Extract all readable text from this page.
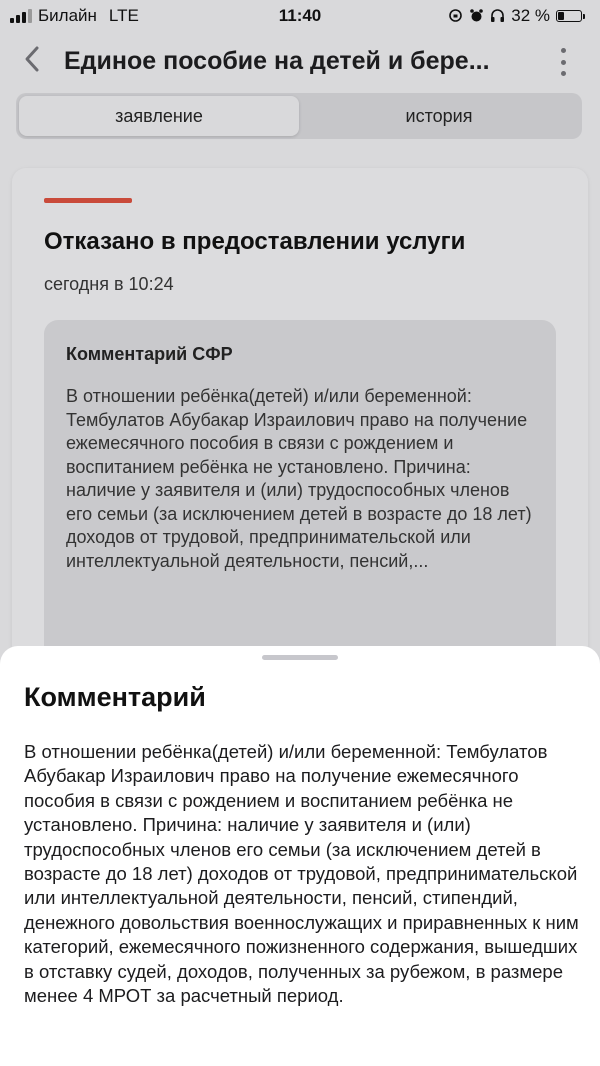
Билайн LTE	11:40	32 %
Единое пособие на детей и бере...
заявление	история
Отказано в предоставлении услуги
сегодня в 10:24
Комментарий СФР
В отношении ребёнка(детей) и/или беременной: Тембулатов Абубакар Израилович право на получение ежемесячного пособия в связи с рождением и воспитанием ребёнка не установлено. Причина: наличие у заявителя и (или) трудоспособных членов его семьи (за исключением детей в возрасте до 18 лет) доходов от трудовой, предпринимательской или интеллектуальной деятельности, пенсий,...
Комментарий
В отношении ребёнка(детей) и/или беременной: Тембулатов Абубакар Израилович право на получение ежемесячного пособия в связи с рождением и воспитанием ребёнка не установлено. Причина: наличие у заявителя и (или) трудоспособных членов его семьи (за исключением детей в возрасте до 18 лет) доходов от трудовой, предпринимательской или интеллектуальной деятельности, пенсий, стипендий, денежного довольствия военнослужащих и приравненных к ним категорий, ежемесячного пожизненного содержания, вышедших в отставку судей, доходов, полученных за рубежом, в размере менее 4 МРОТ за расчетный период.
